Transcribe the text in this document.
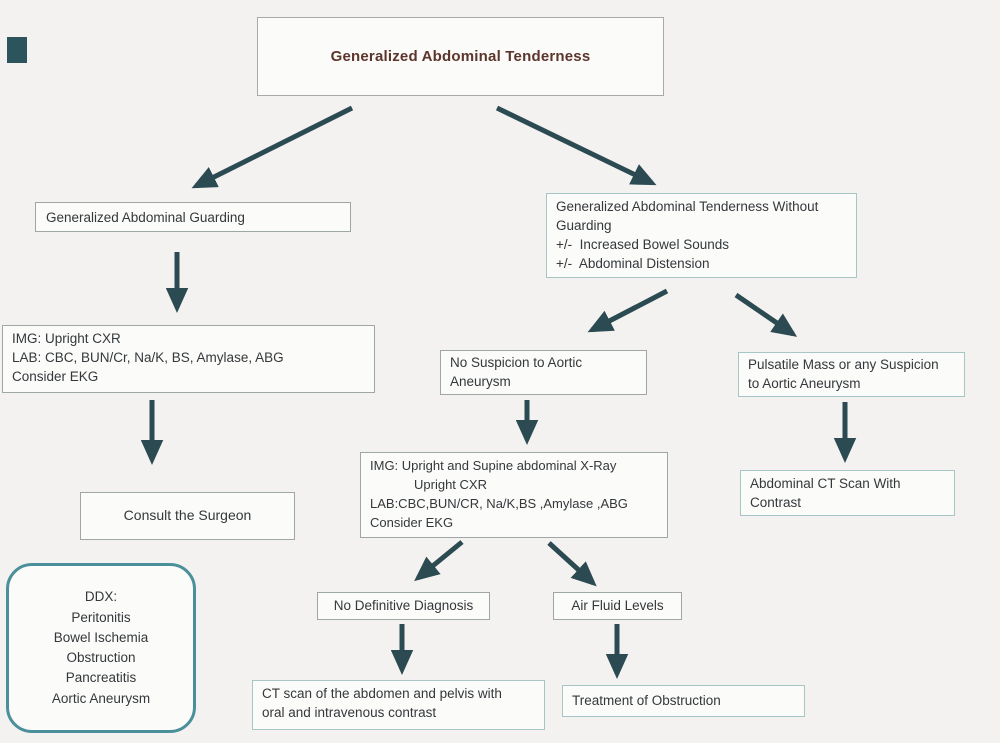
Generalized Abdominal Tenderness
Generalized Abdominal Guarding
Generalized Abdominal Tenderness Without
Guarding
+/-  Increased Bowel Sounds
+/-  Abdominal Distension
IMG: Upright CXR
LAB: CBC, BUN/Cr, Na/K, BS, Amylase, ABG
Consider EKG
Consult the Surgeon
DDX:
Peritonitis
Bowel Ischemia
Obstruction
Pancreatitis
Aortic Aneurysm
No Suspicion to Aortic
Aneurysm
Pulsatile Mass or any Suspicion
to Aortic Aneurysm
Abdominal CT Scan With
Contrast
IMG: Upright and Supine abdominal X-Ray
Upright CXR
LAB:CBC,BUN/CR, Na/K,BS ,Amylase ,ABG
Consider EKG
No Definitive Diagnosis	Air Fluid Levels
CT scan of the abdomen and pelvis with
oral and intravenous contrast
Treatment of Obstruction
